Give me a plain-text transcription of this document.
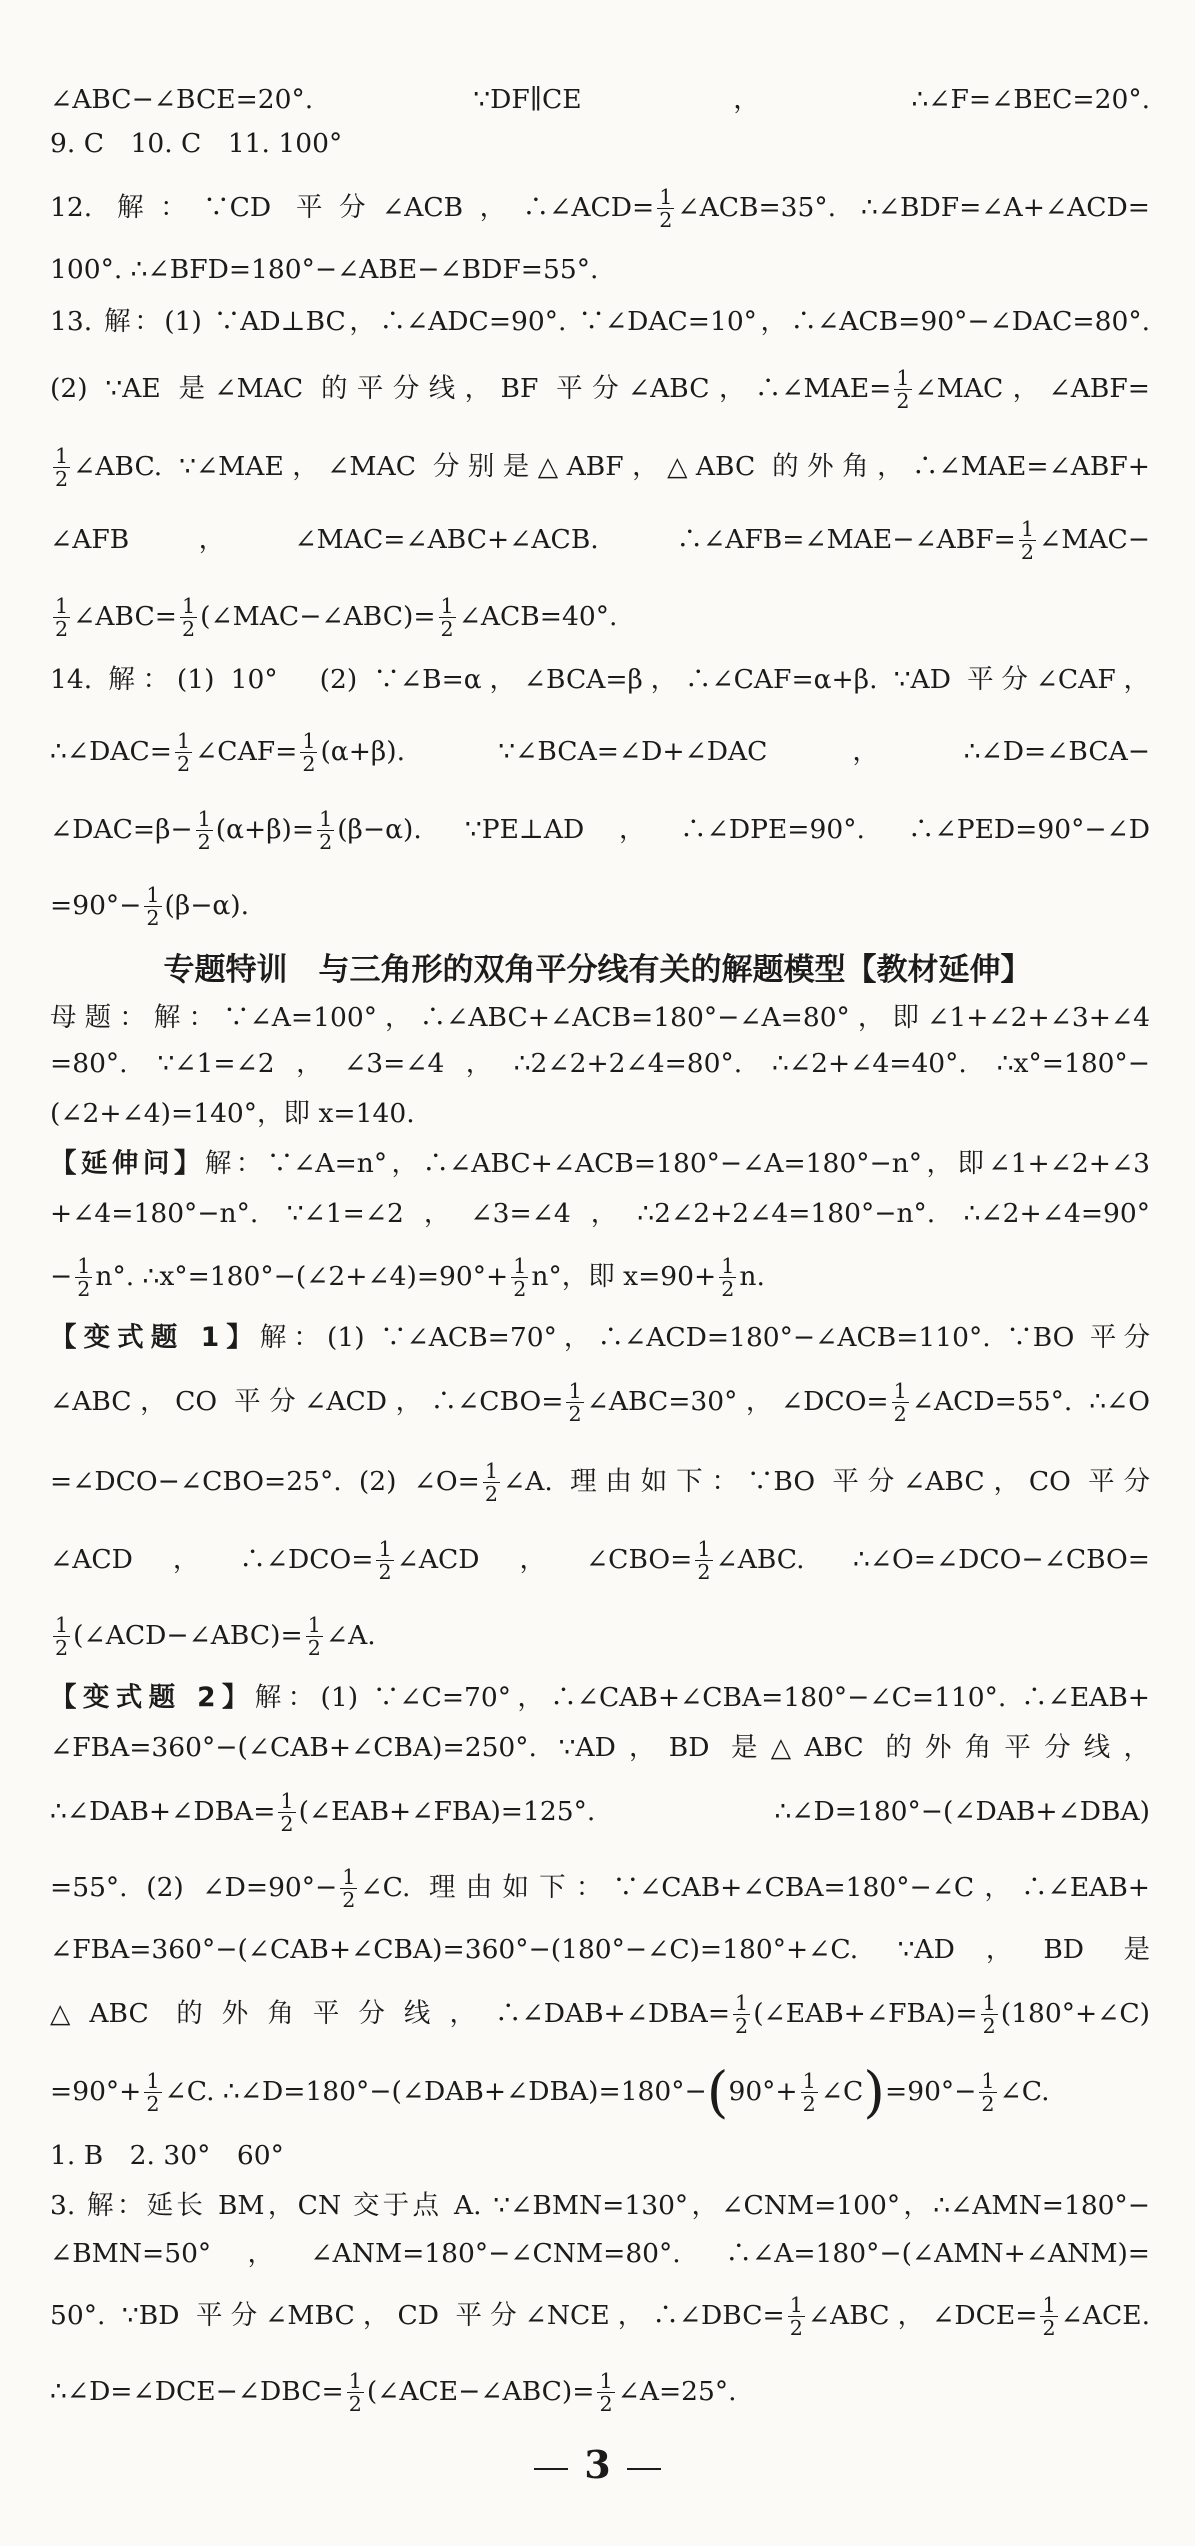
∠ABC−∠BCE=20°. ∵DF∥CE，∴∠F=∠BEC=20°.
9. C　10. C　11. 100°
12. 解：∵CD 平分∠ACB，∴∠ACD= $\frac{1}{2}$ ∠ACB=35°. ∴∠BDF=∠A+∠ACD=
100°. ∴∠BFD=180°−∠ABE−∠BDF=55°.
13. 解：(1) ∵AD⊥BC，∴∠ADC=90°. ∵∠DAC=10°，∴∠ACB=90°−∠DAC=80°.
(2) ∵AE 是∠MAC 的平分线，BF 平分∠ABC，∴∠MAE= $\frac{1}{2}$ ∠MAC，∠ABF=
$\frac{1}{2}$ ∠ABC. ∵∠MAE，∠MAC 分别是△ABF，△ABC 的外角，∴∠MAE=∠ABF+
∠AFB，∠MAC=∠ABC+∠ACB. ∴∠AFB=∠MAE−∠ABF= $\frac{1}{2}$ ∠MAC−
$\frac{1}{2}$ ∠ABC= $\frac{1}{2}$ (∠MAC−∠ABC)= $\frac{1}{2}$ ∠ACB=40°.
14. 解：(1) 10°　(2) ∵∠B=α，∠BCA=β，∴∠CAF=α+β. ∵AD 平分∠CAF，
∴∠DAC= $\frac{1}{2}$ ∠CAF= $\frac{1}{2} (\alpha+\beta)$. ∵∠BCA=∠D+∠DAC，∴∠D=∠BCA−
∠DAC=β− $\frac{1}{2} (\alpha+\beta)= \frac{1}{2} (\beta-\alpha)$. ∵PE⊥AD，∴∠DPE=90°. ∴∠PED=90°−∠D
$=90^\circ- \frac{1}{2} (\beta-\alpha)$.
专题特训　与三角形的双角平分线有关的解题模型【教材延伸】
母题：解：∵∠A=100°，∴∠ABC+∠ACB=180°−∠A=80°，即∠1+∠2+∠3+∠4
=80°. ∵∠1=∠2，∠3=∠4，∴2∠2+2∠4=80°. ∴∠2+∠4=40°. ∴x°=180°−
(∠2+∠4)=140°，即 x=140.
【延伸问】解：∵∠A=n°，∴∠ABC+∠ACB=180°−∠A=180°−n°，即∠1+∠2+∠3
+∠4=180°−n°. ∵∠1=∠2，∠3=∠4，∴2∠2+2∠4=180°−n°. ∴∠2+∠4=90°
− $\frac{1}{2} n^\circ$. ∴x°=180°−(∠2+∠4)=90°+ $\frac{1}{2} n^\circ$，即 $x=90+ \frac{1}{2} n$.
【变式题 1】解：(1) ∵∠ACB=70°，∴∠ACD=180°−∠ACB=110°. ∵BO 平分
∠ABC，CO 平分∠ACD，∴∠CBO= $\frac{1}{2}$ ∠ABC=30°，∠DCO= $\frac{1}{2}$ ∠ACD=55°. ∴∠O
=∠DCO−∠CBO=25°. (2) ∠O= $\frac{1}{2}$ ∠A. 理由如下：∵BO 平分∠ABC，CO 平分
∠ACD，∴∠DCO= $\frac{1}{2}$ ∠ACD，∠CBO= $\frac{1}{2}$ ∠ABC. ∴∠O=∠DCO−∠CBO=
$\frac{1}{2}$ (∠ACD−∠ABC)= $\frac{1}{2}$ ∠A.
【变式题 2】解：(1) ∵∠C=70°，∴∠CAB+∠CBA=180°−∠C=110°. ∴∠EAB+
∠FBA=360°−(∠CAB+∠CBA)=250°. ∵AD，BD 是△ABC 的外角平分线，
∴∠DAB+∠DBA= $\frac{1}{2}$ (∠EAB+∠FBA)=125°. ∴∠D=180°−(∠DAB+∠DBA)
=55°. (2) ∠D=90°− $\frac{1}{2}$ ∠C. 理由如下：∵∠CAB+∠CBA=180°−∠C，∴∠EAB+
∠FBA=360°−(∠CAB+∠CBA)=360°−(180°−∠C)=180°+∠C. ∵AD，BD 是
△ABC 的外角平分线，∴∠DAB+∠DBA= $\frac{1}{2}$ (∠EAB+∠FBA)= $\frac{1}{2}$ (180°+∠C)
$=90^\circ+ \frac{1}{2}$ ∠C. ∴∠D=180°−(∠DAB+∠DBA)=180°−(90°+ $\frac{1}{2}$ ∠C)=90°− $\frac{1}{2}$ ∠C.
1. B　2. 30°　60°
3. 解：延长 BM，CN 交于点 A. ∵∠BMN=130°，∠CNM=100°，∴∠AMN=180°−
∠BMN=50°，∠ANM=180°−∠CNM=80°. ∴∠A=180°−(∠AMN+∠ANM)=
50°. ∵BD 平分∠MBC，CD 平分∠NCE，∴∠DBC= $\frac{1}{2}$ ∠ABC，∠DCE= $\frac{1}{2}$ ∠ACE.
∴∠D=∠DCE−∠DBC= $\frac{1}{2}$ (∠ACE−∠ABC)= $\frac{1}{2}$ ∠A=25°.
3
